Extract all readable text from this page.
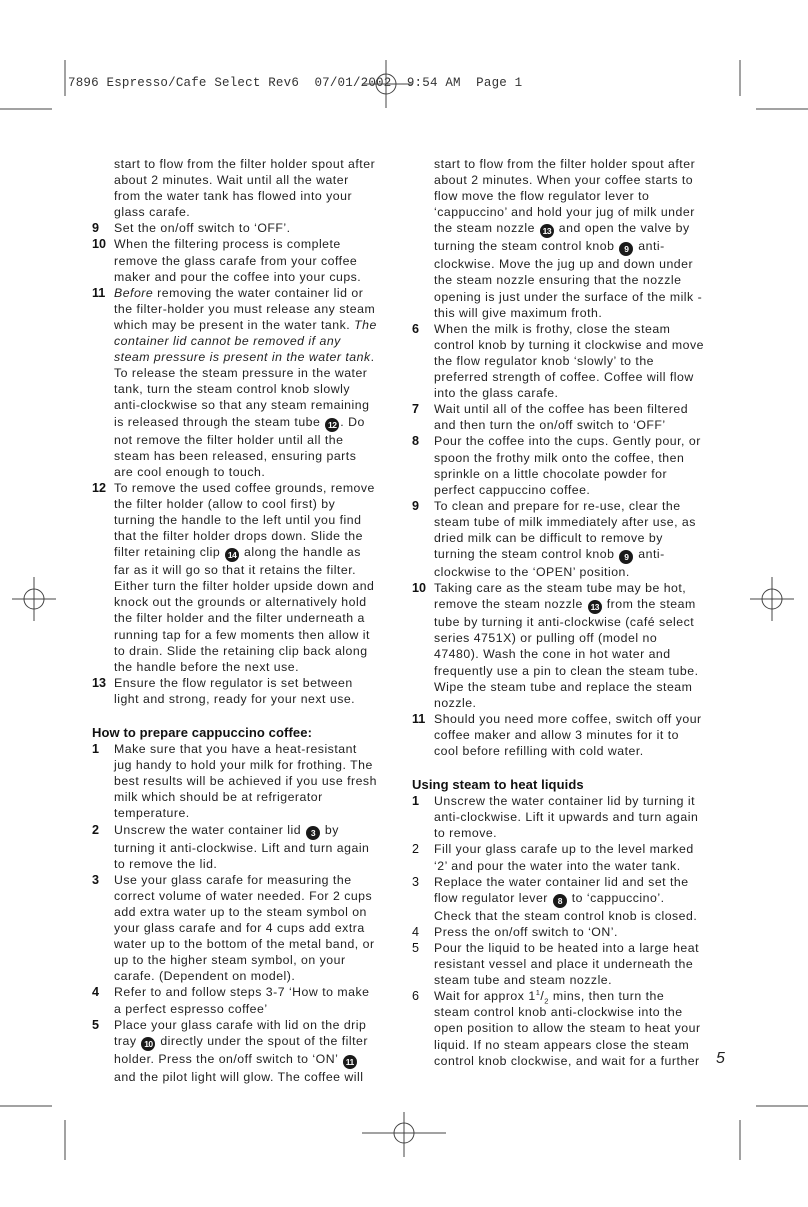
7896 Espresso/Cafe Select Rev6  07/01/2002  9:54 AM  Page 1
start to flow from the filter holder spout after about 2 minutes. Wait until all the water from the water tank has flowed into your glass carafe.
9 Set the on/off switch to ‘OFF’.
10 When the filtering process is complete remove the glass carafe from your coffee maker and pour the coffee into your cups.
11 Before removing the water container lid or the filter-holder you must release any steam which may be present in the water tank. The container lid cannot be removed if any steam pressure is present in the water tank. To release the steam pressure in the water tank, turn the steam control knob slowly anti-clockwise so that any steam remaining is released through the steam tube 12 . Do not remove the filter holder until all the steam has been released, ensuring parts are cool enough to touch.
12 To remove the used coffee grounds, remove the filter holder (allow to cool first) by turning the handle to the left until you find that the filter holder drops down. Slide the filter retaining clip 14 along the handle as far as it will go so that it retains the filter. Either turn the filter holder upside down and knock out the grounds or alternatively hold the filter holder and the filter underneath a running tap for a few moments then allow it to drain. Slide the retaining clip back along the handle before the next use.
13 Ensure the flow regulator is set between light and strong, ready for your next use.
How to prepare cappuccino coffee:
1 Make sure that you have a heat-resistant jug handy to hold your milk for frothing. The best results will be achieved if you use fresh milk which should be at refrigerator temperature.
2 Unscrew the water container lid 3 by turning it anti-clockwise. Lift and turn again to remove the lid.
3 Use your glass carafe for measuring the correct volume of water needed. For 2 cups add extra water up to the steam symbol on your glass carafe and for 4 cups add extra water up to the bottom of the metal band, or up to the higher steam symbol, on your carafe. (Dependent on model).
4 Refer to and follow steps 3-7 ‘How to make a perfect espresso coffee’
5 Place your glass carafe with lid on the drip tray 10 directly under the spout of the filter holder. Press the on/off switch to ‘ON’ 11 and the pilot light will glow. The coffee will
start to flow from the filter holder spout after about 2 minutes. When your coffee starts to flow move the flow regulator lever to ‘cappuccino’ and hold your jug of milk under the steam nozzle 13 and open the valve by turning the steam control knob 9 anti-clockwise. Move the jug up and down under the steam nozzle ensuring that the nozzle opening is just under the surface of the milk - this will give maximum froth.
6 When the milk is frothy, close the steam control knob by turning it clockwise and move the flow regulator knob ‘slowly’ to the preferred strength of coffee. Coffee will flow into the glass carafe.
7 Wait until all of the coffee has been filtered and then turn the on/off switch to ‘OFF’
8 Pour the coffee into the cups. Gently pour, or spoon the frothy milk onto the coffee, then sprinkle on a little chocolate powder for perfect cappuccino coffee.
9 To clean and prepare for re-use, clear the steam tube of milk immediately after use, as dried milk can be difficult to remove by turning the steam control knob 9 anti-clockwise to the ‘OPEN’ position.
10 Taking care as the steam tube may be hot, remove the steam nozzle 13 from the steam tube by turning it anti-clockwise (café select series 4751X) or pulling off (model no 47480). Wash the cone in hot water and frequently use a pin to clean the steam tube. Wipe the steam tube and replace the steam nozzle.
11 Should you need more coffee, switch off your coffee maker and allow 3 minutes for it to cool before refilling with cold water.
Using steam to heat liquids
1 Unscrew the water container lid by turning it anti-clockwise. Lift it upwards and turn again to remove.
2 Fill your glass carafe up to the level marked ‘2’ and pour the water into the water tank.
3 Replace the water container lid and set the flow regulator lever 8 to ‘cappuccino’. Check that the steam control knob is closed.
4 Press the on/off switch to ‘ON’.
5 Pour the liquid to be heated into a large heat resistant vessel and place it underneath the steam tube and steam nozzle.
6 Wait for approx $1^1/_2$ mins, then turn the steam control knob anti-clockwise into the open position to allow the steam to heat your liquid. If no steam appears close the steam control knob clockwise, and wait for a further 5
